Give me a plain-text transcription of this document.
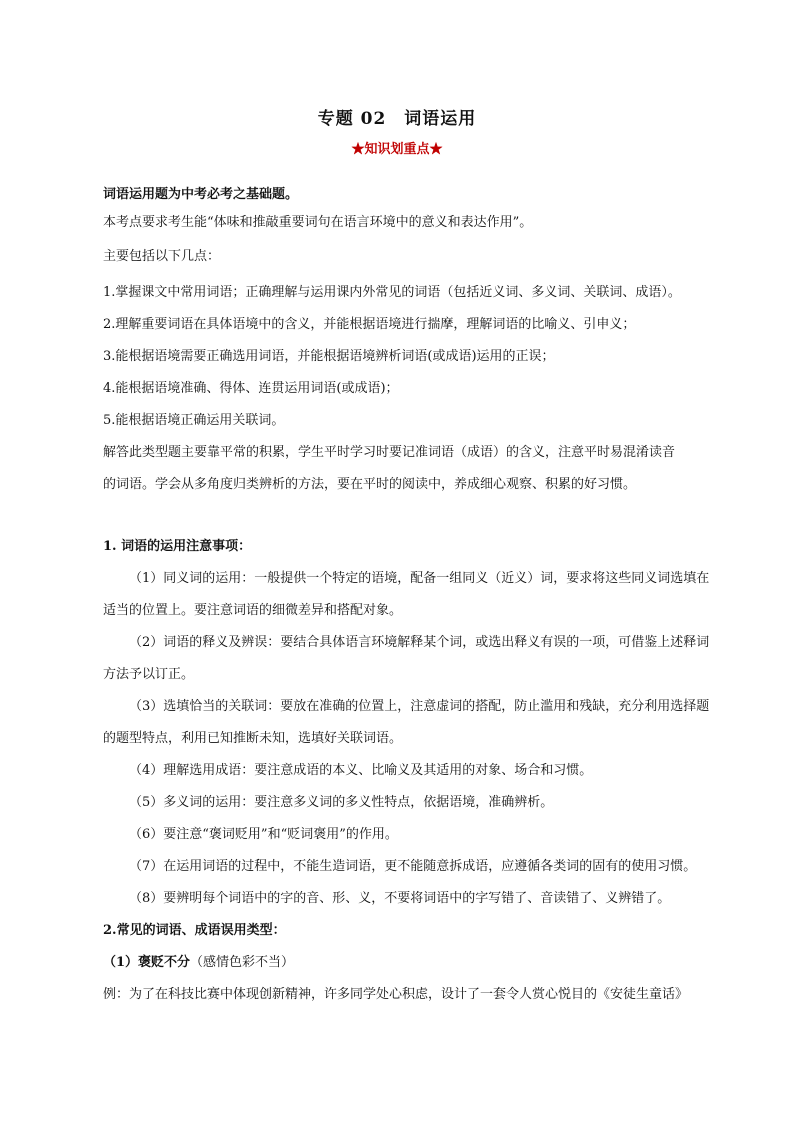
专题 02　词语运用
★知识划重点★
词语运用题为中考必考之基础题。
本考点要求考生能“体味和推敲重要词句在语言环境中的意义和表达作用”。
主要包括以下几点：
1.掌握课文中常用词语；正确理解与运用课内外常见的词语（包括近义词、多义词、关联词、成语）。
2.理解重要词语在具体语境中的含义，并能根据语境进行揣摩，理解词语的比喻义、引申义；
3.能根据语境需要正确选用词语，并能根据语境辨析词语(或成语)运用的正误；
4.能根据语境准确、得体、连贯运用词语(或成语)；
5.能根据语境正确运用关联词。
解答此类型题主要靠平常的积累，学生平时学习时要记准词语（成语）的含义，注意平时易混淆读音
的词语。学会从多角度归类辨析的方法，要在平时的阅读中，养成细心观察、积累的好习惯。
1. 词语的运用注意事项：
（1）同义词的运用：一般提供一个特定的语境，配备一组同义（近义）词，要求将这些同义词选填在
适当的位置上。要注意词语的细微差异和搭配对象。
（2）词语的释义及辨误：要结合具体语言环境解释某个词，或选出释义有误的一项，可借鉴上述释词
方法予以订正。
（3）选填恰当的关联词：要放在准确的位置上，注意虚词的搭配，防止滥用和残缺，充分利用选择题
的题型特点，利用已知推断未知，选填好关联词语。
（4）理解选用成语：要注意成语的本义、比喻义及其适用的对象、场合和习惯。
（5）多义词的运用：要注意多义词的多义性特点，依据语境，准确辨析。
（6）要注意“褒词贬用”和“贬词褒用”的作用。
（7）在运用词语的过程中，不能生造词语，更不能随意拆成语，应遵循各类词的固有的使用习惯。
（8）要辨明每个词语中的字的音、形、义，不要将词语中的字写错了、音读错了、义辨错了。
2.常见的词语、成语误用类型：
（1）褒贬不分（感情色彩不当）
例：为了在科技比赛中体现创新精神，许多同学处心积虑，设计了一套令人赏心悦目的《安徒生童话》
